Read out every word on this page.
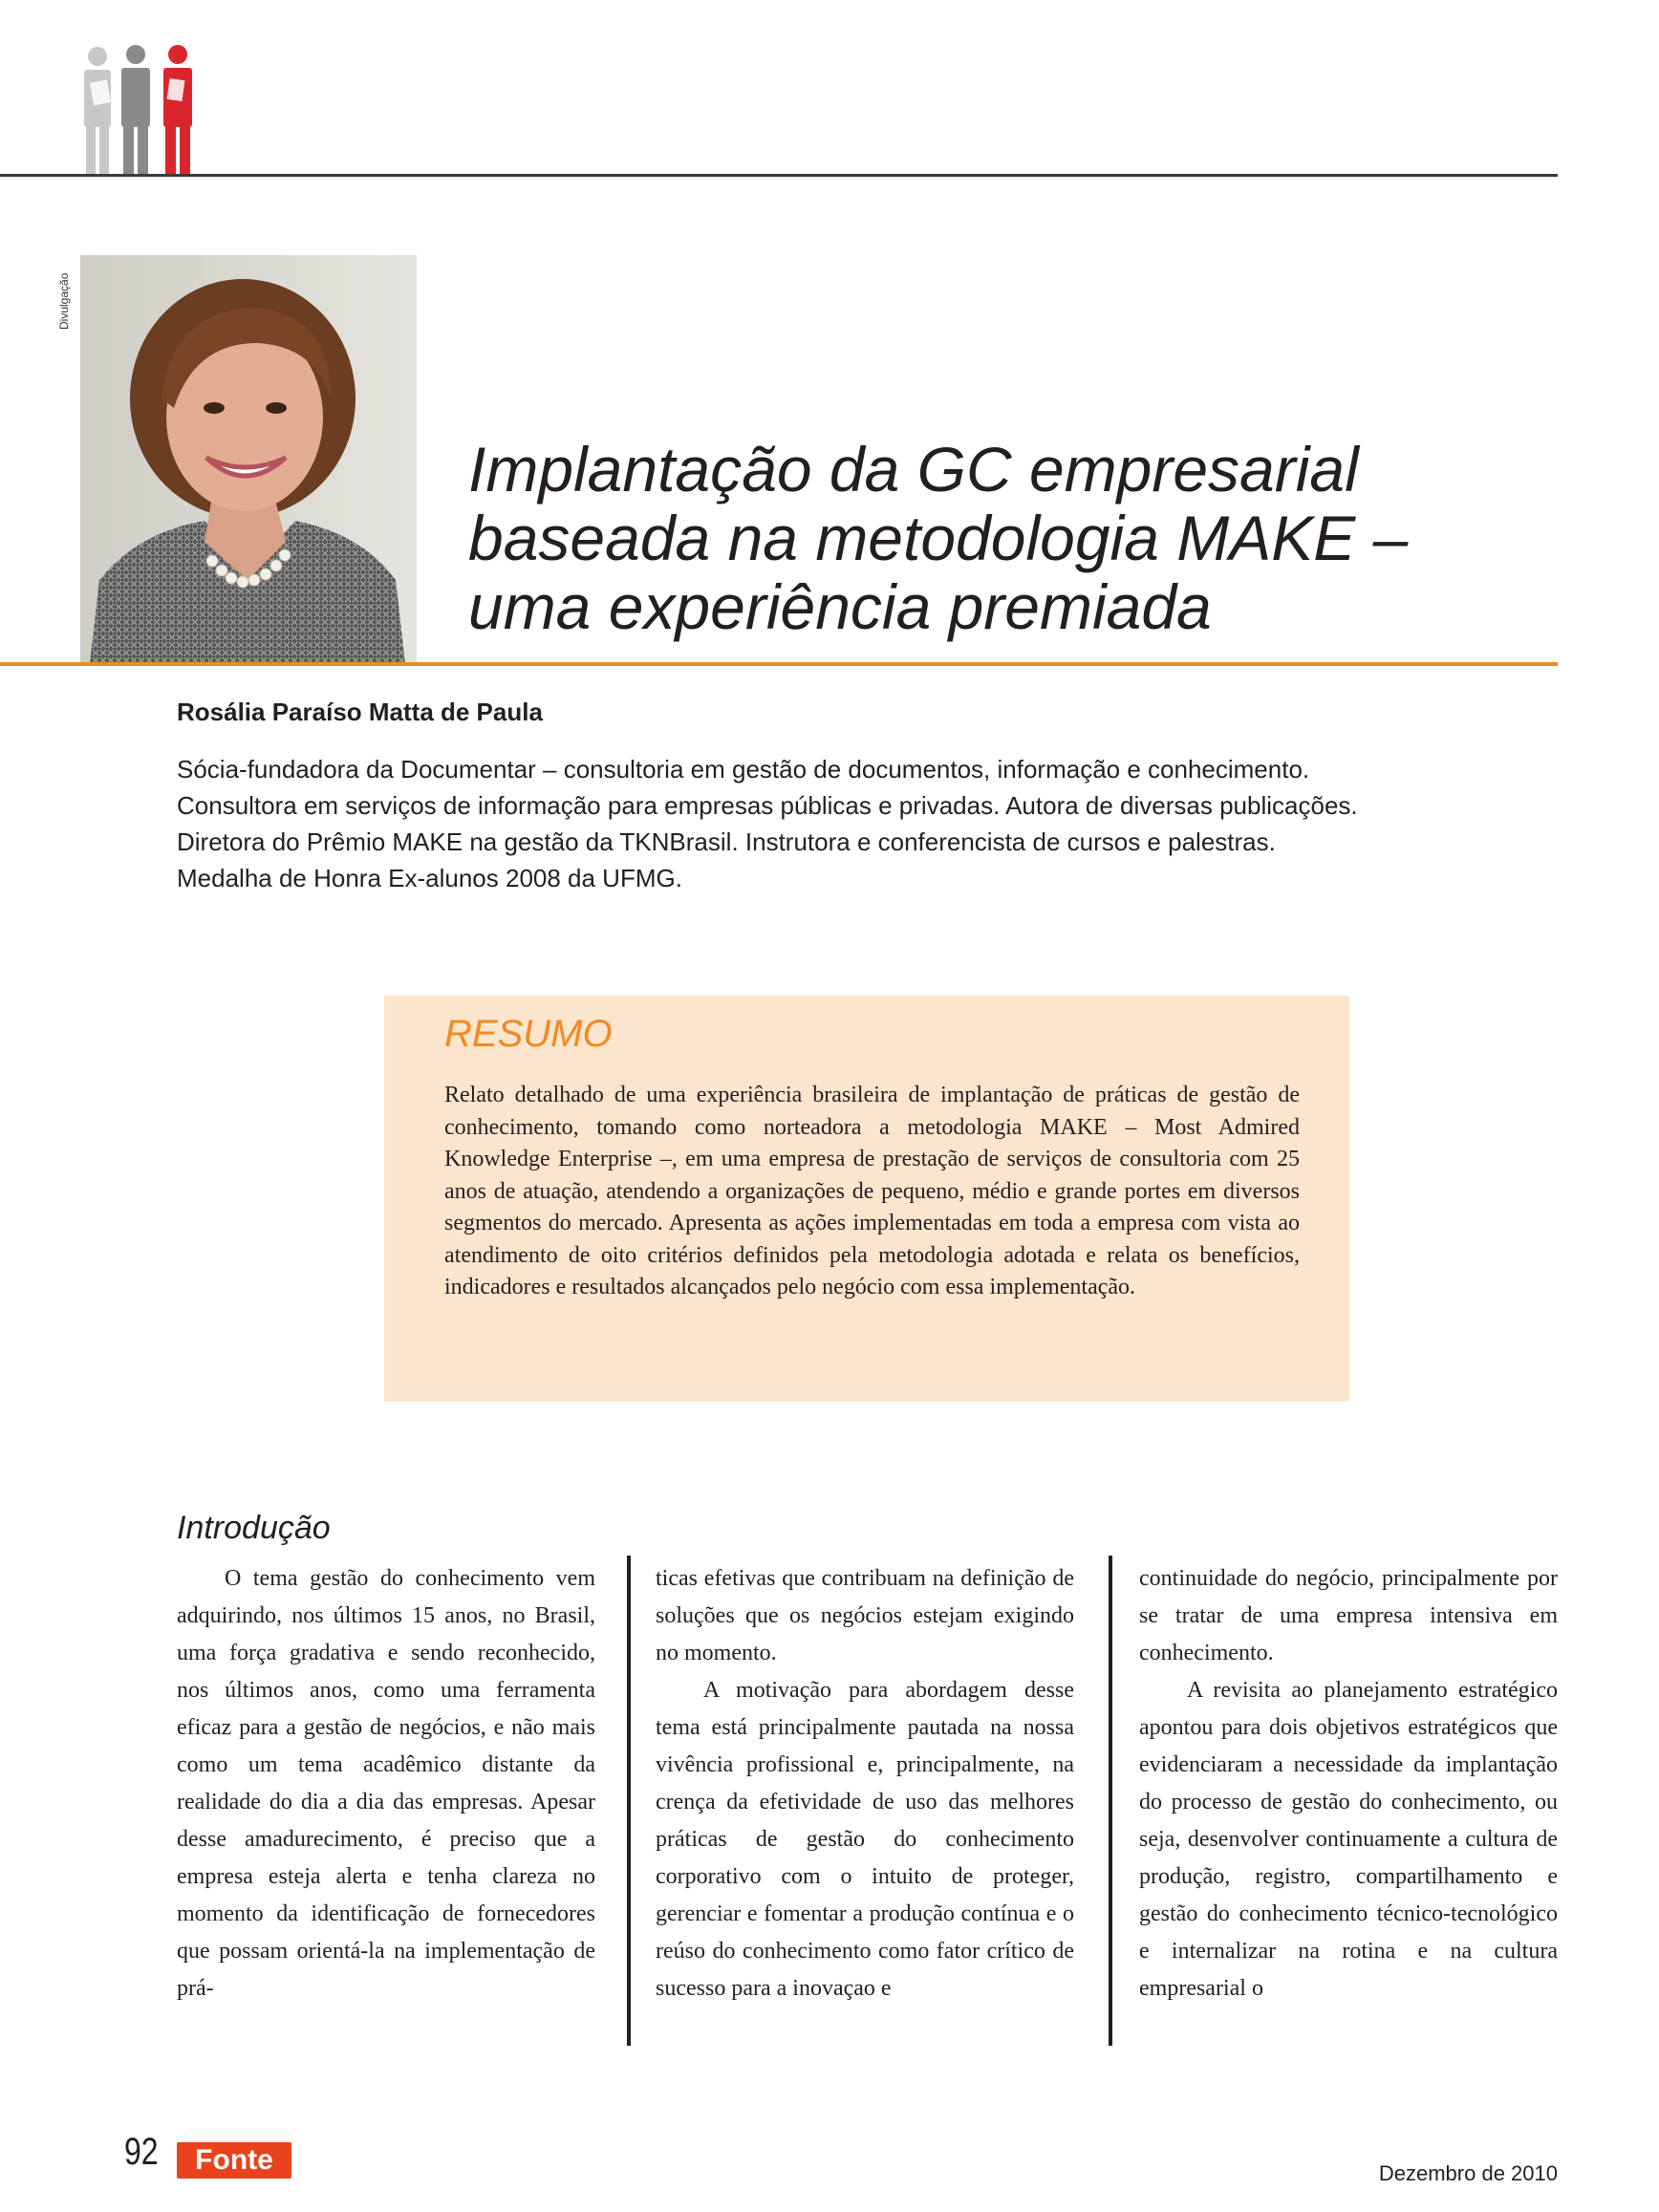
Divulgação
Implantação da GC empresarial
baseada na metodologia MAKE –
uma experiência premiada
Rosália Paraíso Matta de Paula
Sócia-fundadora da Documentar – consultoria em gestão de documentos, informação e conhecimento. Consultora em serviços de informação para empresas públicas e privadas. Autora de diversas publicações. Diretora do Prêmio MAKE na gestão da TKNBrasil. Instrutora e conferencista de cursos e palestras. Medalha de Honra Ex-alunos 2008 da UFMG.
RESUMO
Relato detalhado de uma experiência brasileira de implantação de práticas de gestão de conhecimento, tomando como norteadora a metodologia MAKE – Most Admired Knowledge Enterprise –, em uma empresa de prestação de serviços de consultoria com 25 anos de atuação, atendendo a organizações de pequeno, médio e grande portes em diversos segmentos do mercado. Apresenta as ações implementadas em toda a empresa com vista ao atendimento de oito critérios definidos pela metodologia adotada e relata os benefícios, indicadores e resultados alcançados pelo negócio com essa implementação.
Introdução

O tema gestão do conhecimento vem adquirindo, nos últimos 15 anos, no Brasil, uma força gradativa e sendo reconhecido, nos últimos anos, como uma ferramenta eficaz para a gestão de negócios, e não mais como um tema acadêmico distante da realidade do dia a dia das empresas. Apesar desse amadurecimento, é preciso que a empresa esteja alerta e tenha clareza no momento da identificação de fornecedores que possam orientá-la na implementação de prá-

ticas efetivas que contribuam na definição de soluções que os negócios estejam exigindo no momento.

A motivação para abordagem desse tema está principalmente pautada na nossa vivência profissional e, principalmente, na crença da efetividade de uso das melhores práticas de gestão do conhecimento corporativo com o intuito de proteger, gerenciar e fomentar a produção contínua e o reúso do conhecimento como fator crítico de sucesso para a inovaçao e

continuidade do negócio, principalmente por se tratar de uma empresa intensiva em conhecimento.

A revisita ao planejamento estratégico apontou para dois objetivos estratégicos que evidenciaram a necessidade da implantação do processo de gestão do conhecimento, ou seja, desenvolver continuamente a cultura de produção, registro, compartilhamento e gestão do conhecimento técnico-tecnológico e internalizar na rotina e na cultura empresarial o

92	Fonte	Dezembro de 2010
